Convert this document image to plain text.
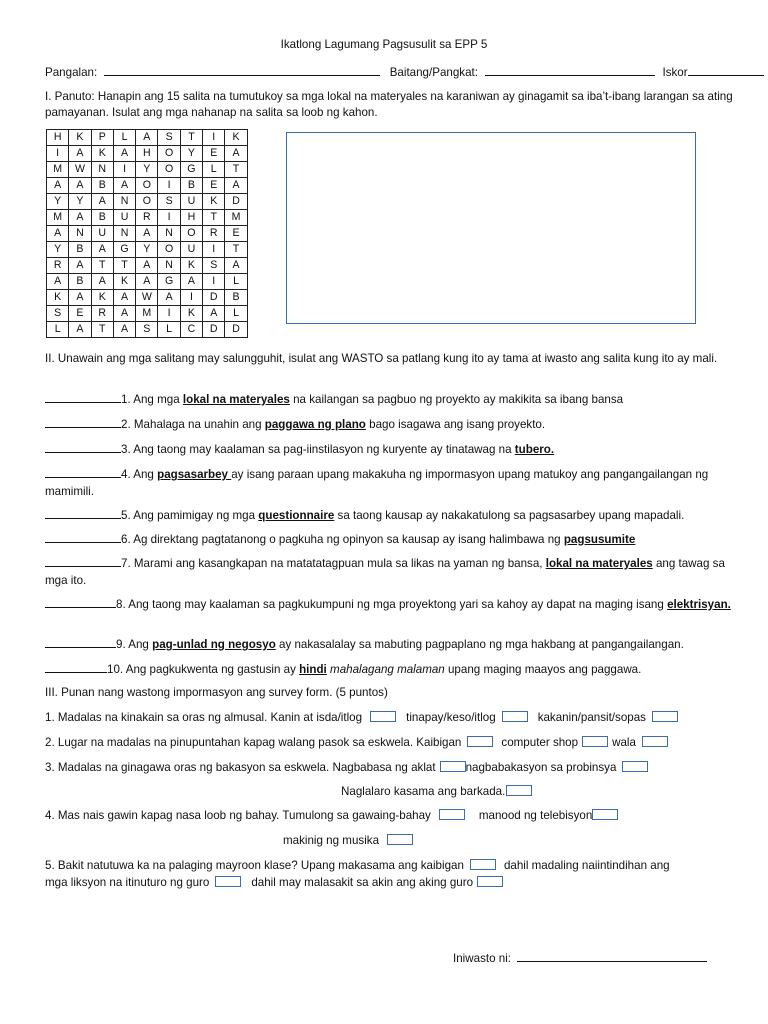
Ikatlong Lagumang Pagsusulit sa EPP 5
Pangalan:	Baitang/Pangkat:	Iskor
I. Panuto: Hanapin ang 15 salita na tumutukoy sa mga lokal na materyales na karaniwan ay ginagamit sa iba’t-ibang larangan sa ating pamayanan. Isulat ang mga nahanap na salita sa loob ng kahon.
H	K	P	L	A	S	T	I	K
I	A	K	A	H	O	Y	E	A
M	W	N	I	Y	O	G	L	T
A	A	B	A	O	I	B	E	A
Y	Y	A	N	O	S	U	K	D
M	A	B	U	R	I	H	T	M
A	N	U	N	A	N	O	R	E
Y	B	A	G	Y	O	U	I	T
R	A	T	T	A	N	K	S	A
A	B	A	K	A	G	A	I	L
K	A	K	A	W	A	I	D	B
S	E	R	A	M	I	K	A	L
L	A	T	A	S	L	C	D	D
II. Unawain ang mga salitang may salungguhit, isulat ang WASTO sa patlang kung ito ay tama at iwasto ang salita kung ito ay mali.
1. Ang mga lokal na materyales na kailangan sa pagbuo ng proyekto ay makikita sa ibang bansa
2. Mahalaga na unahin ang paggawa ng plano bago isagawa ang isang proyekto.
3. Ang taong may kaalaman sa pag-iinstilasyon ng kuryente ay tinatawag na tubero.
4. Ang pagsasarbey ay isang paraan upang makakuha ng impormasyon upang matukoy ang pangangailangan ng mamimili.
5. Ang pamimigay ng mga questionnaire sa taong kausap ay nakakatulong sa pagsasarbey upang mapadali.
6. Ag direktang pagtatanong o pagkuha ng opinyon sa kausap ay isang halimbawa ng pagsusumite
7. Marami ang kasangkapan na matatatagpuan mula sa likas na yaman ng bansa, lokal na materyales ang tawag sa mga ito.
8. Ang taong may kaalaman sa pagkukumpuni ng mga proyektong yari sa kahoy ay dapat na maging isang elektrisyan.
9. Ang pag-unlad ng negosyo ay nakasalalay sa mabuting pagpaplano ng mga hakbang at pangangailangan.
10. Ang pagkukwenta ng gastusin ay hindi mahalagang malaman upang maging maayos ang paggawa.
III. Punan nang wastong impormasyon ang survey form. (5 puntos)
1. Madalas na kinakain sa oras ng almusal. Kanin at isda/itlog	tinapay/keso/itlog	kakanin/pansit/sopas
2. Lugar na madalas na pinupuntahan kapag walang pasok sa eskwela. Kaibigan	computer shop	wala
3. Madalas na ginagawa oras ng bakasyon sa eskwela. Nagbabasa ng aklat	nagbabakasyon sa probinsya
Naglalaro kasama ang barkada.
4. Mas nais gawin kapag nasa loob ng bahay. Tumulong sa gawaing-bahay	manood ng telebisyon
makinig ng musika
5. Bakit natutuwa ka na palaging mayroon klase? Upang makasama ang kaibigan	dahil madaling naiintindihan ang
mga liksyon na itinuturo ng guro	dahil may malasakit sa akin ang aking guro
Iniwasto ni:
